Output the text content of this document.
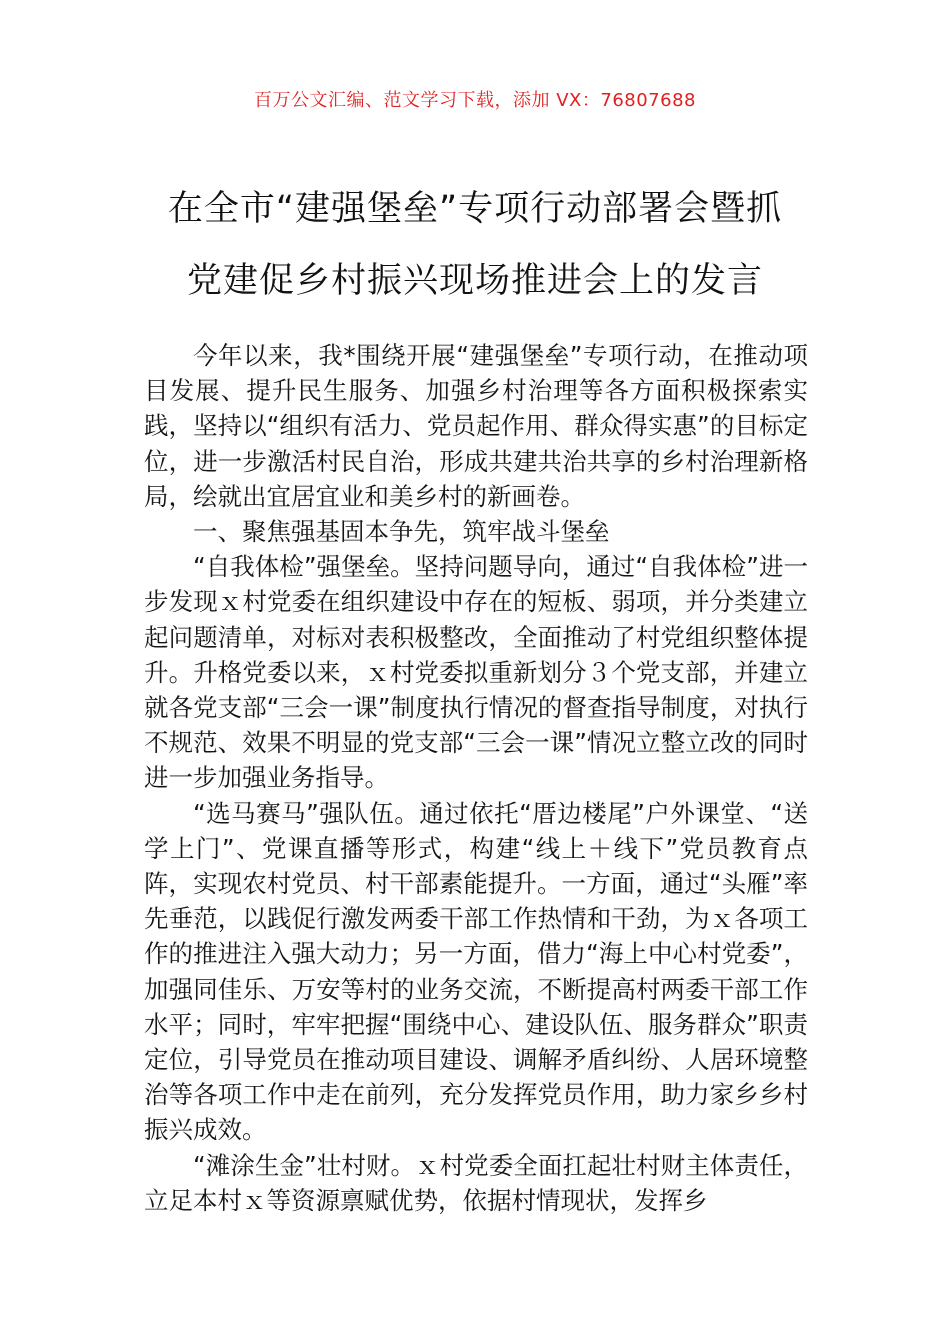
百万公文汇编、范文学习下载，添加 VX：76807688
在全市“建强堡垒”专项行动部署会暨抓
党建促乡村振兴现场推进会上的发言

今年以来，我*围绕开展“建强堡垒”专项行动，在推动项目发展、提升民生服务、加强乡村治理等各方面积极探索实践，坚持以“组织有活力、党员起作用、群众得实惠”的目标定位，进一步激活村民自治，形成共建共治共享的乡村治理新格局，绘就出宜居宜业和美乡村的新画卷。

一、聚焦强基固本争先，筑牢战斗堡垒

“自我体检”强堡垒。坚持问题导向，通过“自我体检”进一步发现ｘ村党委在组织建设中存在的短板、弱项，并分类建立起问题清单，对标对表积极整改，全面推动了村党组织整体提升。升格党委以来，ｘ村党委拟重新划分３个党支部，并建立就各党支部“三会一课”制度执行情况的督查指导制度，对执行不规范、效果不明显的党支部“三会一课”情况立整立改的同时进一步加强业务指导。

“选马赛马”强队伍。通过依托“厝边楼尾”户外课堂、“送学上门”、党课直播等形式，构建“线上＋线下”党员教育点阵，实现农村党员、村干部素能提升。一方面，通过“头雁”率先垂范，以践促行激发两委干部工作热情和干劲，为ｘ各项工作的推进注入强大动力；另一方面，借力“海上中心村党委”，加强同佳乐、万安等村的业务交流，不断提高村两委干部工作水平；同时，牢牢把握“围绕中心、建设队伍、服务群众”职责定位，引导党员在推动项目建设、调解矛盾纠纷、人居环境整治等各项工作中走在前列，充分发挥党员作用，助力家乡乡村振兴成效。

“滩涂生金”壮村财。ｘ村党委全面扛起壮村财主体责任，立足本村ｘ等资源禀赋优势，依据村情现状，发挥乡
